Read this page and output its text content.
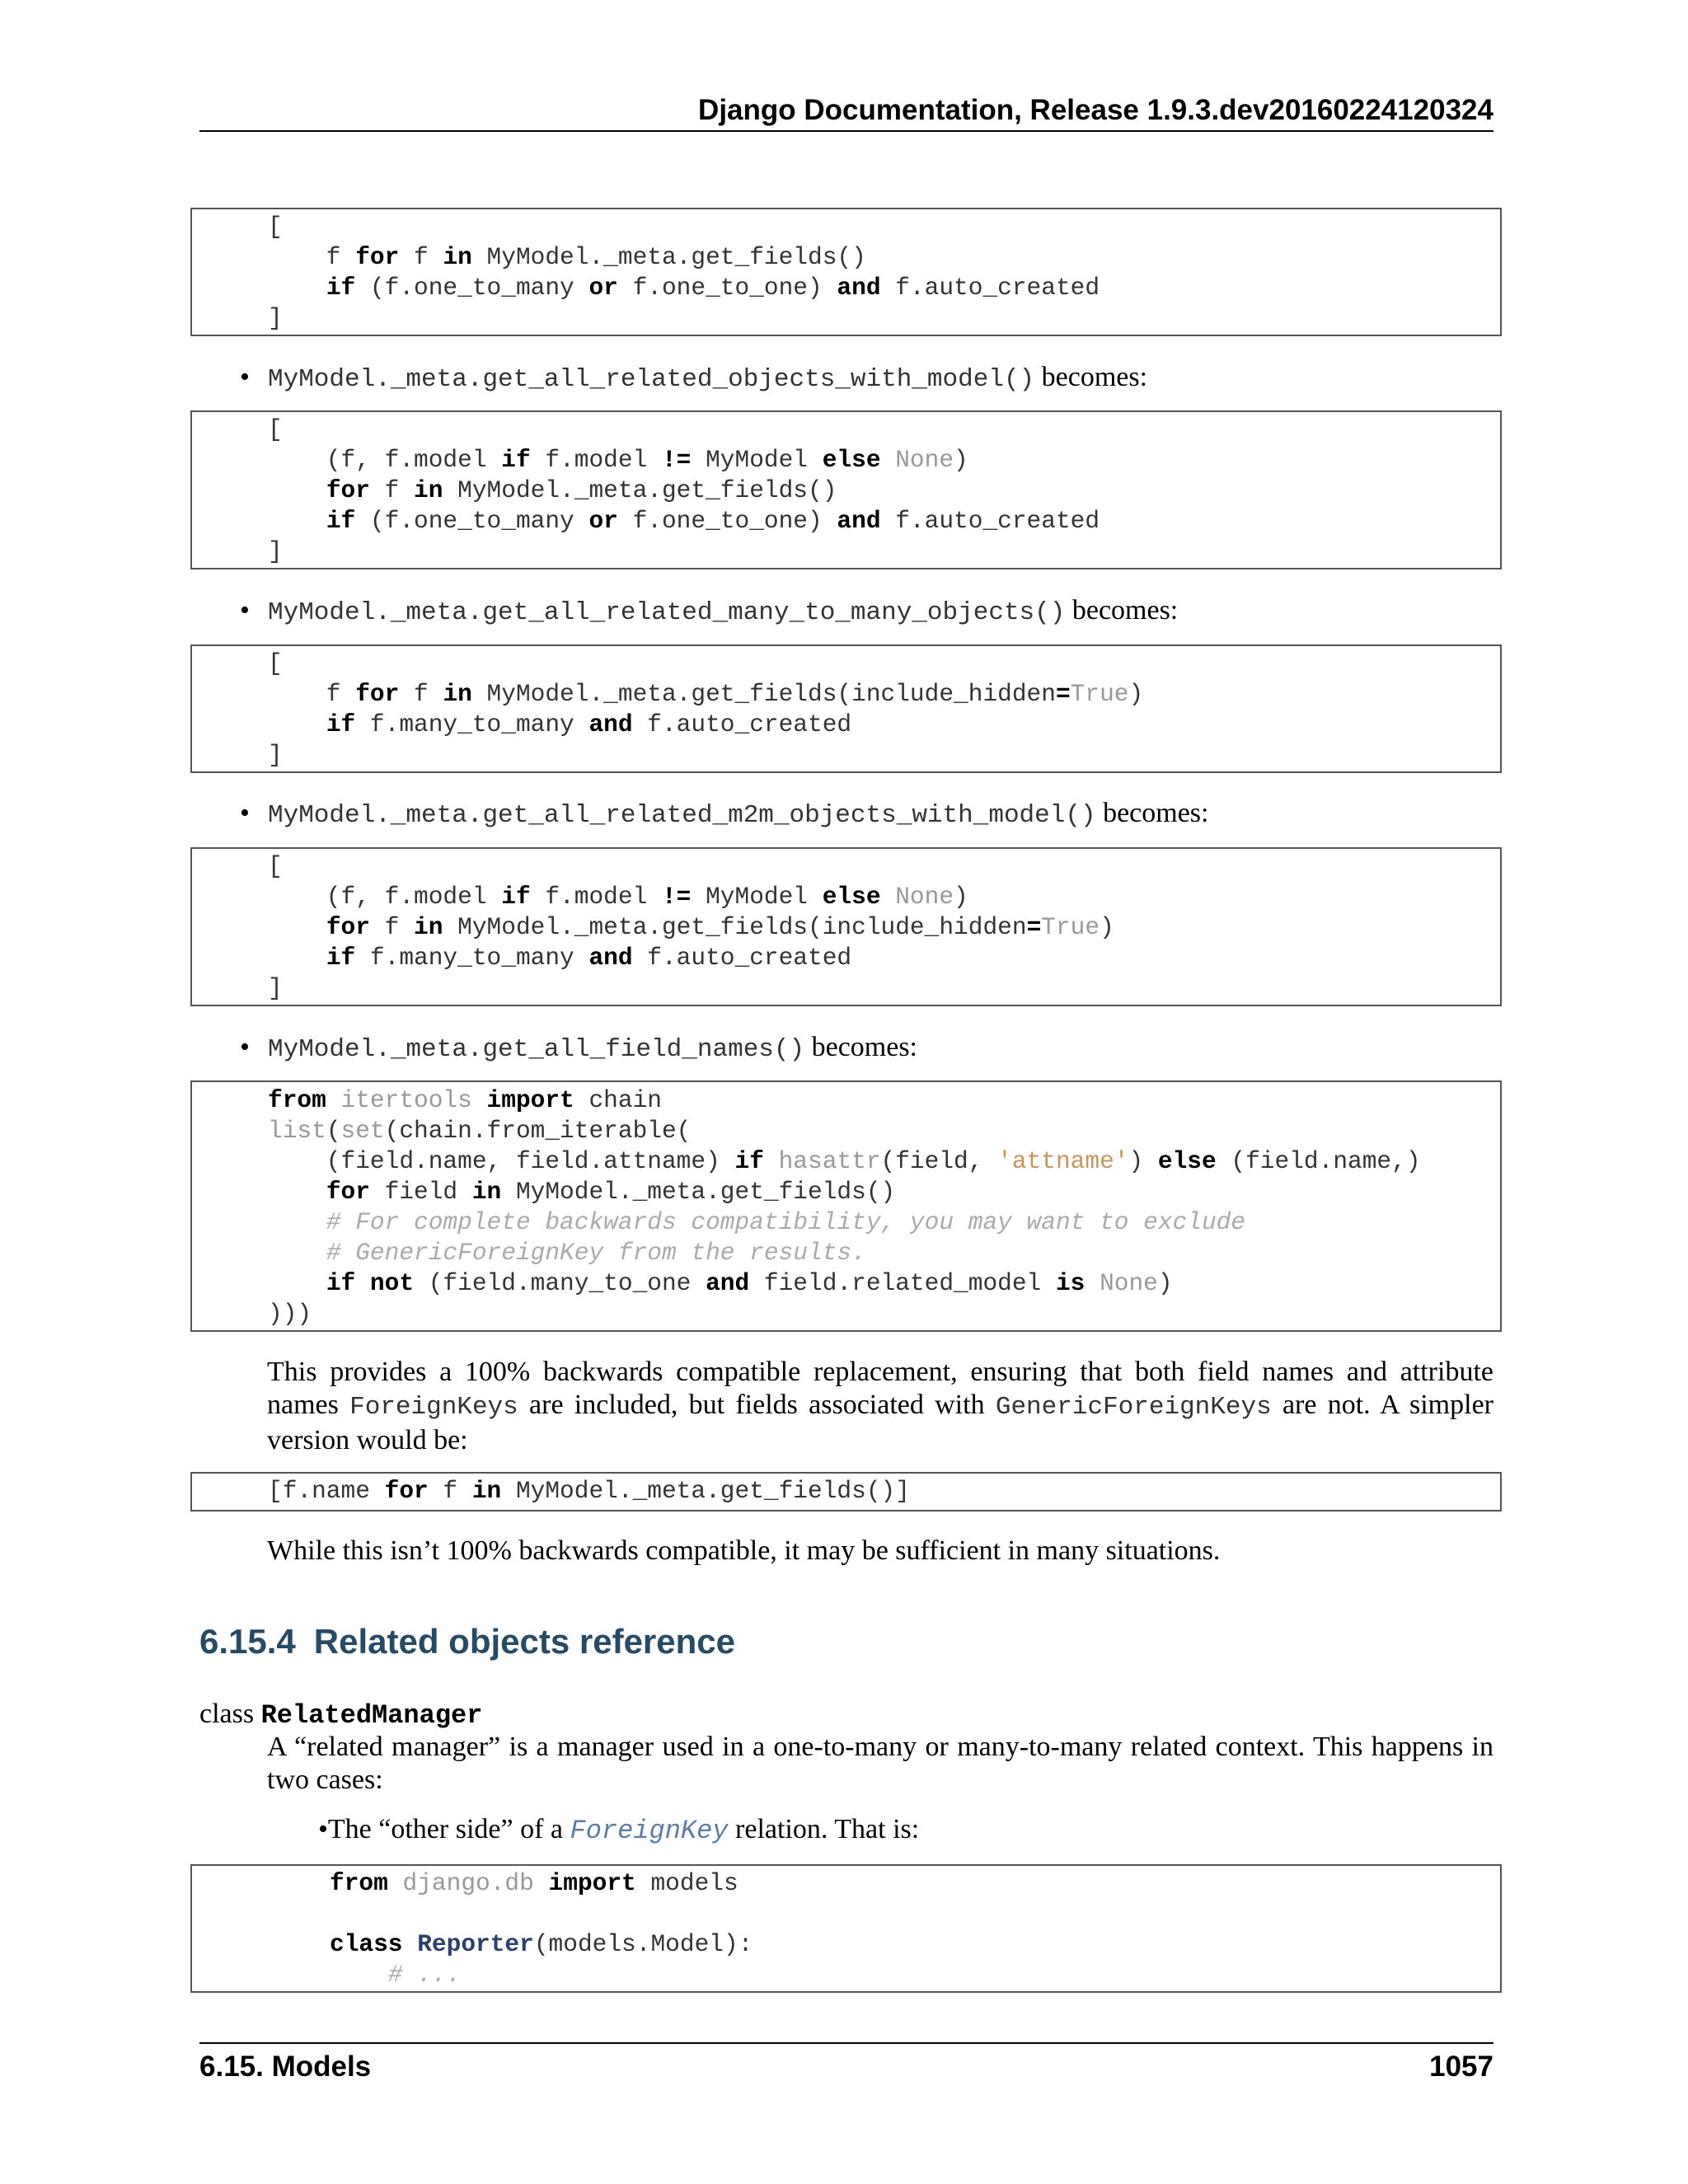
Django Documentation, Release 1.9.3.dev20160224120324
[
f for f in MyModel._meta.get_fields()
if (f.one_to_many or f.one_to_one) and f.auto_created
]
• MyModel._meta.get_all_related_objects_with_model() becomes:
[
(f, f.model if f.model != MyModel else None)
for f in MyModel._meta.get_fields()
if (f.one_to_many or f.one_to_one) and f.auto_created
]
• MyModel._meta.get_all_related_many_to_many_objects() becomes:
[
f for f in MyModel._meta.get_fields(include_hidden=True)
if f.many_to_many and f.auto_created
]
• MyModel._meta.get_all_related_m2m_objects_with_model() becomes:
[
(f, f.model if f.model != MyModel else None)
for f in MyModel._meta.get_fields(include_hidden=True)
if f.many_to_many and f.auto_created
]
• MyModel._meta.get_all_field_names() becomes:
from itertools import chain
list(set(chain.from_iterable(
(field.name, field.attname) if hasattr(field, 'attname') else (field.name,)
for field in MyModel._meta.get_fields()
# For complete backwards compatibility, you may want to exclude
# GenericForeignKey from the results.
if not (field.many_to_one and field.related_model is None)
)))
This provides a 100% backwards compatible replacement, ensuring that both field names and attribute names ForeignKeys are included, but fields associated with GenericForeignKeys are not. A simpler version would be:
[f.name for f in MyModel._meta.get_fields()]
While this isn’t 100% backwards compatible, it may be sufficient in many situations.
6.15.4 Related objects reference
class RelatedManager
A “related manager” is a manager used in a one-to-many or many-to-many related context. This happens in two cases:
•The “other side” of a ForeignKey relation. That is:
from django.db import models

class Reporter(models.Model):
# ...
6.15. Models	1057
